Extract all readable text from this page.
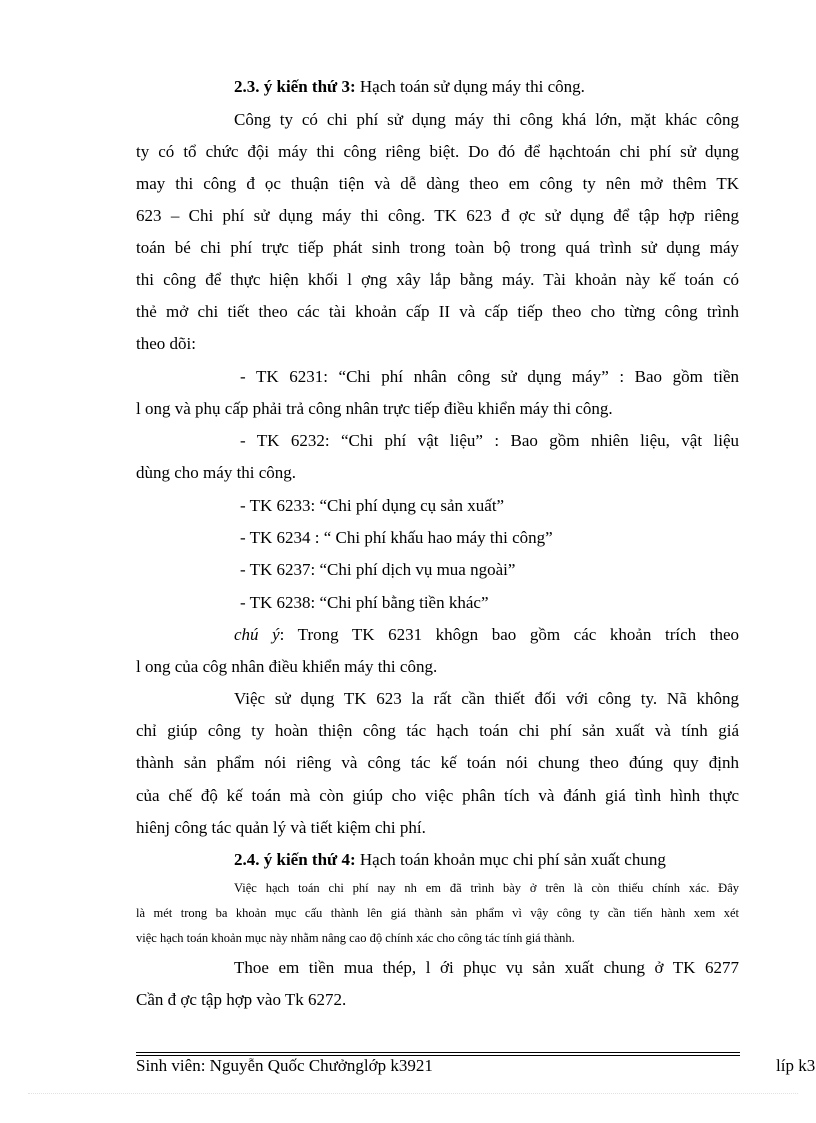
2.3. ý kiến thứ 3: Hạch toán sử dụng máy thi công.
Công ty có chi phí sử dụng máy thi công khá lớn, mặt khác công
ty có tổ chức đội máy thi công riêng biệt. Do đó để hạchtoán chi phí sử dụng
may thi công đ ọc thuận tiện và dễ dàng theo em công ty nên mở thêm TK
623 – Chi phí sử dụng máy thi công. TK 623 đ ợc sử dụng để tập hợp riêng
toán bé chi phí trực tiếp phát sinh trong toàn bộ trong quá trình sử dụng máy
thi công để thực hiện khối l ợng xây lắp bằng máy. Tài khoản này kế toán có
thẻ mở chi tiết theo các tài khoản cấp II và cấp tiếp theo cho từng công trình
theo dõi:
- TK 6231: “Chi phí nhân công sử dụng máy” : Bao gồm tiền
l ong và phụ cấp phải trả công nhân trực tiếp điều khiển máy thi công.
- TK 6232: “Chi phí vật liệu” : Bao gồm nhiên liệu, vật liệu
dùng cho máy thi công.
- TK 6233: “Chi phí dụng cụ sản xuất”
- TK 6234 : “ Chi phí khấu hao máy thi công”
- TK 6237: “Chi phí dịch vụ mua ngoài”
- TK 6238: “Chi phí bằng tiền khác”
chú ý: Trong TK 6231 khôgn bao gồm các khoản trích theo
l ong của côg nhân điều khiển máy thi công.
Việc sử dụng TK 623 la rất cần thiết đối với công ty. Nã không
chỉ giúp công ty hoàn thiện công tác hạch toán chi phí sản xuất và tính giá
thành sản phẩm nói riêng và công tác kế toán nói chung theo đúng quy định
của chế độ kế toán mà còn giúp cho việc phân tích và đánh giá tình hình thực
hiênj công tác quản lý và tiết kiệm chi phí.
2.4. ý kiến thứ 4: Hạch toán khoản mục chi phí sản xuất chung
Việc hạch toán chi phí nay nh em đã trình bày ở trên là còn thiếu chính xác. Đây
là mét trong ba khoản mục cấu thành lên giá thành sản phẩm vì vậy công ty cần tiến hành xem xét
việc hạch toán khoản mục này nhằm nâng cao độ chính xác cho công tác tính giá thành.
Thoe em tiền mua thép, l ới phục vụ sản xuất chung ở TK 6277
Cần đ ợc tập hợp vào Tk 6272.
Sinh viên: Nguyễn Quốc Chưởnglớp k3921	líp k3
